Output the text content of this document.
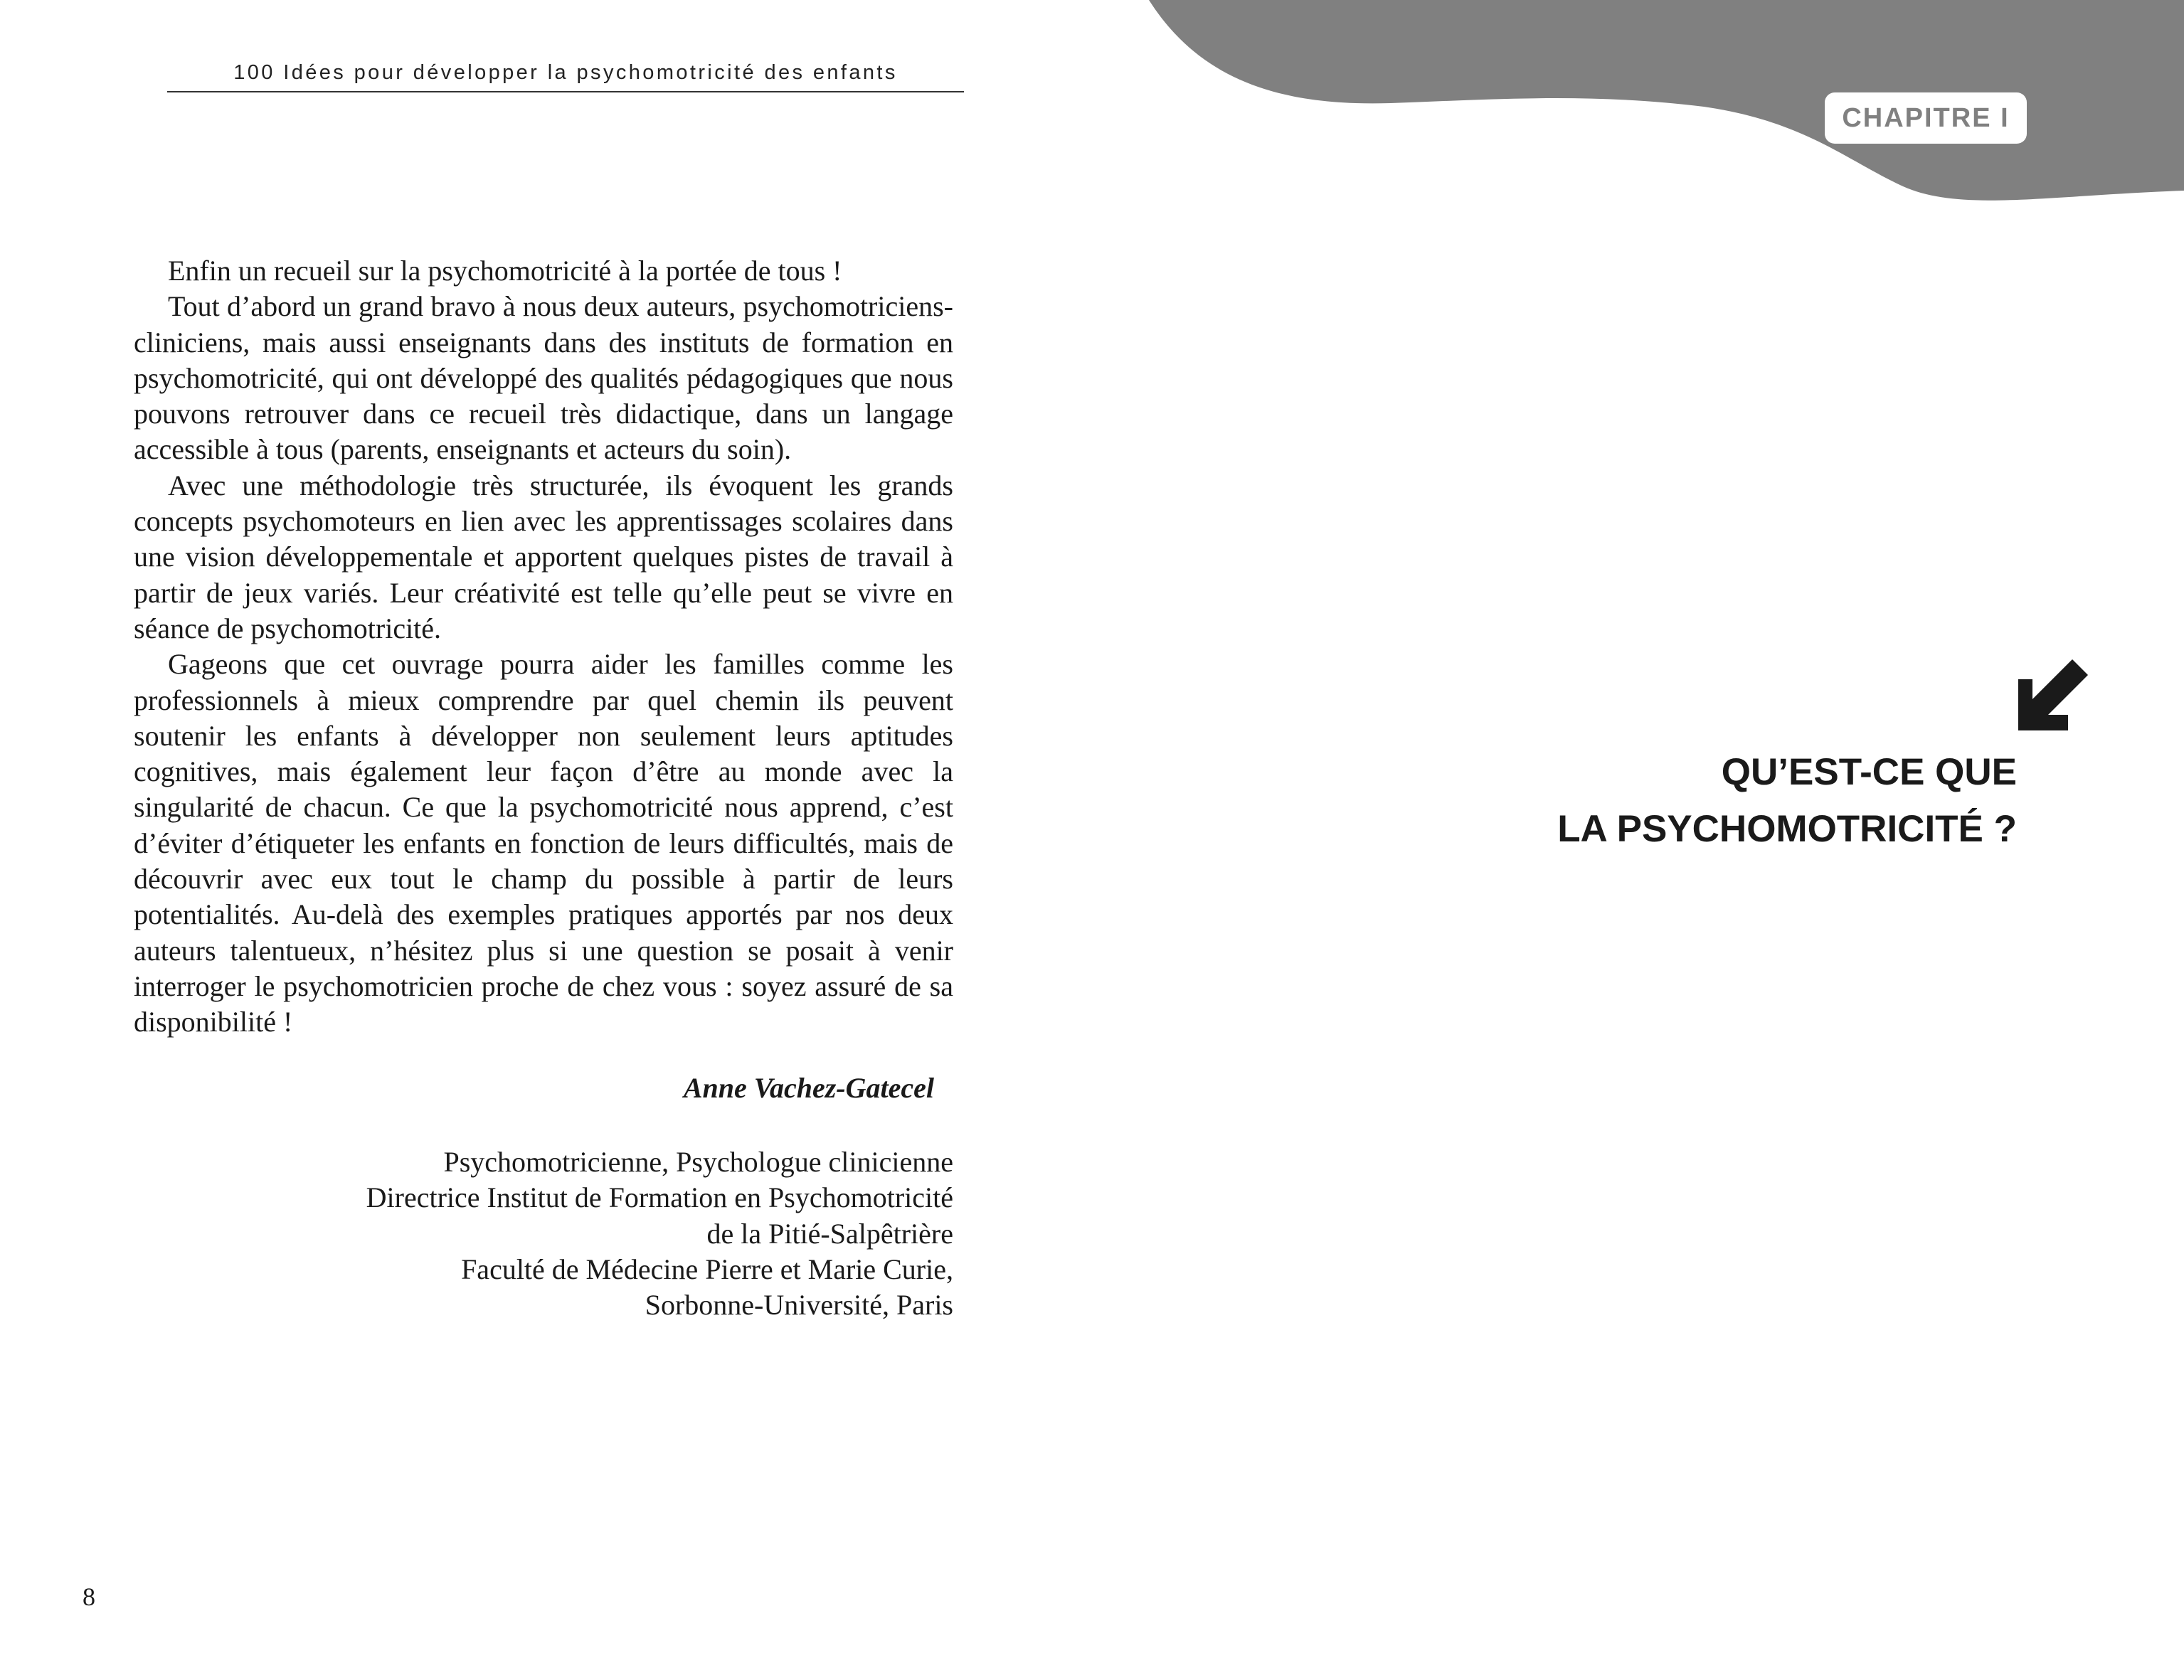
100 Idées pour développer la psychomotricité des enfants

Enfin un recueil sur la psychomotricité à la portée de tous !

Tout d’abord un grand bravo à nous deux auteurs, psychomotriciens-cliniciens, mais aussi enseignants dans des instituts de formation en psychomotricité, qui ont développé des qualités pédagogiques que nous pouvons retrouver dans ce recueil très didactique, dans un langage accessible à tous (parents, enseignants et acteurs du soin).

Avec une méthodologie très structurée, ils évoquent les grands concepts psychomoteurs en lien avec les apprentissages scolaires dans une vision développementale et apportent quelques pistes de travail à partir de jeux variés. Leur créativité est telle qu’elle peut se vivre en séance de psychomotricité.

Gageons que cet ouvrage pourra aider les familles comme les professionnels à mieux comprendre par quel chemin ils peuvent soutenir les enfants à développer non seulement leurs aptitudes cognitives, mais également leur façon d’être au monde avec la singularité de chacun. Ce que la psychomotricité nous apprend, c’est d’éviter d’étiqueter les enfants en fonction de leurs difficultés, mais de découvrir avec eux tout le champ du possible à partir de leurs potentialités. Au-delà des exemples pratiques apportés par nos deux auteurs talentueux, n’hésitez plus si une question se posait à venir interroger le psychomotricien proche de chez vous : soyez assuré de sa disponibilité !

Anne Vachez-Gatecel
Psychomotricienne, Psychologue clinicienne
Directrice Institut de Formation en Psychomotricité
de la Pitié-Salpêtrière
Faculté de Médecine Pierre et Marie Curie,
Sorbonne-Université, Paris
8
CHAPITRE I
QU’EST-CE QUE
LA PSYCHOMOTRICITÉ ?
